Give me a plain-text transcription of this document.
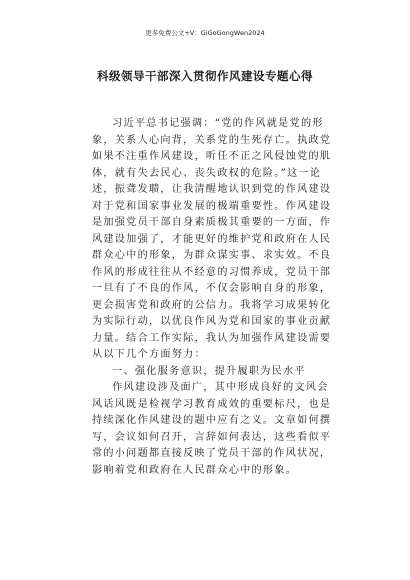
更多免费公文+V：GiGoGongWen2024
科级领导干部深入贯彻作风建设专题心得

习近平总书记强调：“党的作风就是党的形象，关系人心向背，关系党的生死存亡。执政党如果不注重作风建设，听任不正之风侵蚀党的肌体，就有失去民心、丧失政权的危险。”这一论述，振聋发聩，让我清醒地认识到党的作风建设对于党和国家事业发展的极端重要性。作风建设是加强党员干部自身素质极其重要的一方面，作风建设加强了，才能更好的维护党和政府在人民群众心中的形象，为群众谋实事、求实效。不良作风的形成往往从不经意的习惯养成，党员干部一旦有了不良的作风，不仅会影响自身的形象，更会损害党和政府的公信力。我将学习成果转化为实际行动，以优良作风为党和国家的事业贡献力量。结合工作实际，我认为加强作风建设需要从以下几个方面努力：

一、强化服务意识，提升履职为民水平

作风建设涉及面广，其中形成良好的文风会风话风既是检视学习教育成效的重要标尺，也是持续深化作风建设的题中应有之义。文章如何撰写，会议如何召开，言辞如何表达，这些看似平常的小问题都直接反映了党员干部的作风状况，影响着党和政府在人民群众心中的形象。
